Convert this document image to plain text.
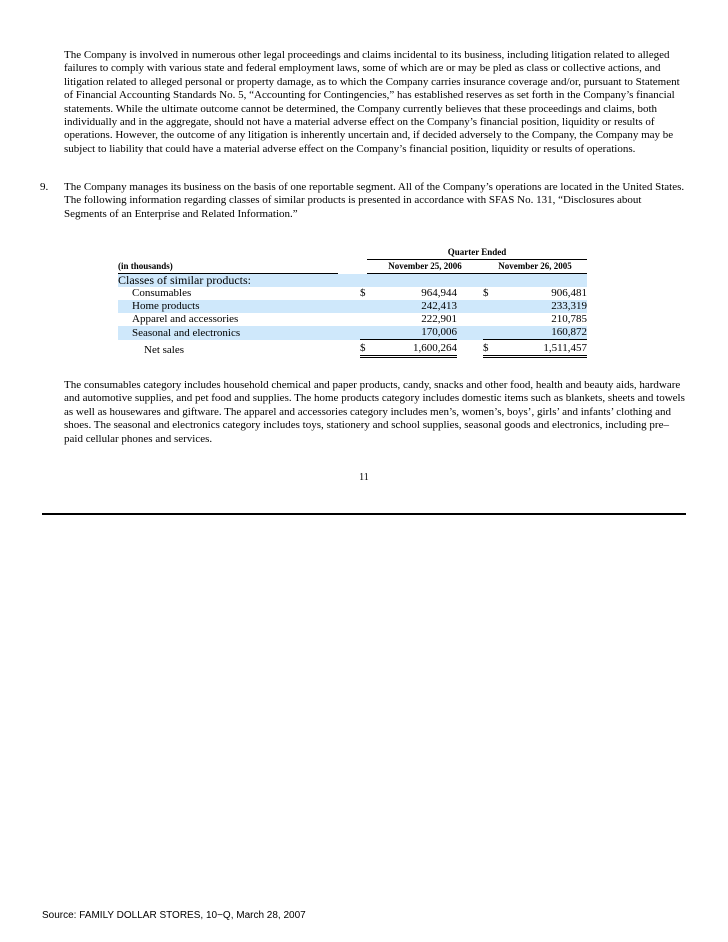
The Company is involved in numerous other legal proceedings and claims incidental to its business, including litigation related to alleged failures to comply with various state and federal employment laws, some of which are or may be pled as class or collective actions, and litigation related to alleged personal or property damage, as to which the Company carries insurance coverage and/or, pursuant to Statement of Financial Accounting Standards No. 5, “Accounting for Contingencies,” has established reserves as set forth in the Company’s financial statements. While the ultimate outcome cannot be determined, the Company currently believes that these proceedings and claims, both individually and in the aggregate, should not have a material adverse effect on the Company’s financial position, liquidity or results of operations. However, the outcome of any litigation is inherently uncertain and, if decided adversely to the Company, the Company may be subject to liability that could have a material adverse effect on the Company’s financial position, liquidity or results of operations.

9. The Company manages its business on the basis of one reportable segment. All of the Company’s operations are located in the United States. The following information regarding classes of similar products is presented in accordance with SFAS No. 131, “Disclosures about Segments of an Enterprise and Related Information.”

			Quarter Ended			
(in thousands)			November 25, 2006		November 26, 2005	
Classes of similar products:						
Consumables		$	964,944		$	906,481
Home products			242,413			233,319
Apparel and accessories			222,901			210,785
Seasonal and electronics			170,006			160,872
Net sales		$	1,600,264		$	1,511,457

The consumables category includes household chemical and paper products, candy, snacks and other food, health and beauty aids, hardware and automotive supplies, and pet food and supplies. The home products category includes domestic items such as blankets, sheets and towels as well as housewares and giftware. The apparel and accessories category includes men’s, women’s, boys’, girls’ and infants’ clothing and shoes. The seasonal and electronics category includes toys, stationery and school supplies, seasonal goods and electronics, including pre–paid cellular phones and services.

11
Source: FAMILY DOLLAR STORES, 10−Q, March 28, 2007
